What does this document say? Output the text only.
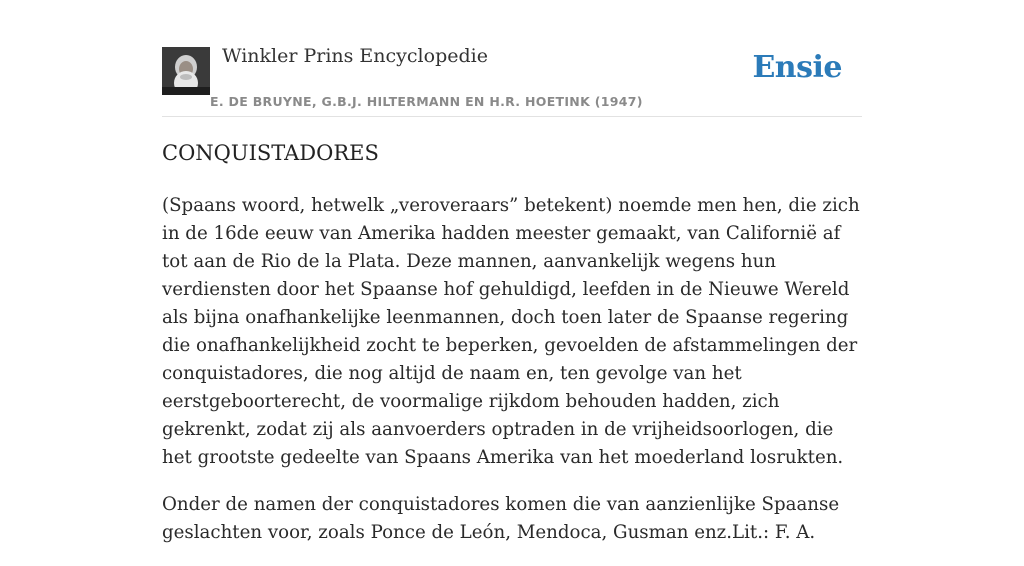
Winkler Prins Encyclopedie
E. DE BRUYNE, G.B.J. HILTERMANN EN H.R. HOETINK (1947)
Ensie
CONQUISTADORES

(Spaans woord, hetwelk „veroveraars” betekent) noemde men hen, die zich in de 16de eeuw van Amerika hadden meester gemaakt, van Californië af tot aan de Rio de la Plata. Deze mannen, aanvankelijk wegens hun verdiensten door het Spaanse hof gehuldigd, leefden in de Nieuwe Wereld als bijna onafhankelijke leenmannen, doch toen later de Spaanse regering die onafhankelijkheid zocht te beperken, gevoelden de afstammelingen der conquistadores, die nog altijd de naam en, ten gevolge van het eerstgeboorterecht, de voormalige rijkdom behouden hadden, zich gekrenkt, zodat zij als aanvoerders optraden in de vrijheidsoorlogen, die het grootste gedeelte van Spaans Amerika van het moederland losrukten.

Onder de namen der conquistadores komen die van aanzienlijke Spaanse geslachten voor, zoals Ponce de León, Mendoca, Gusman enz.Lit.: F. A.
